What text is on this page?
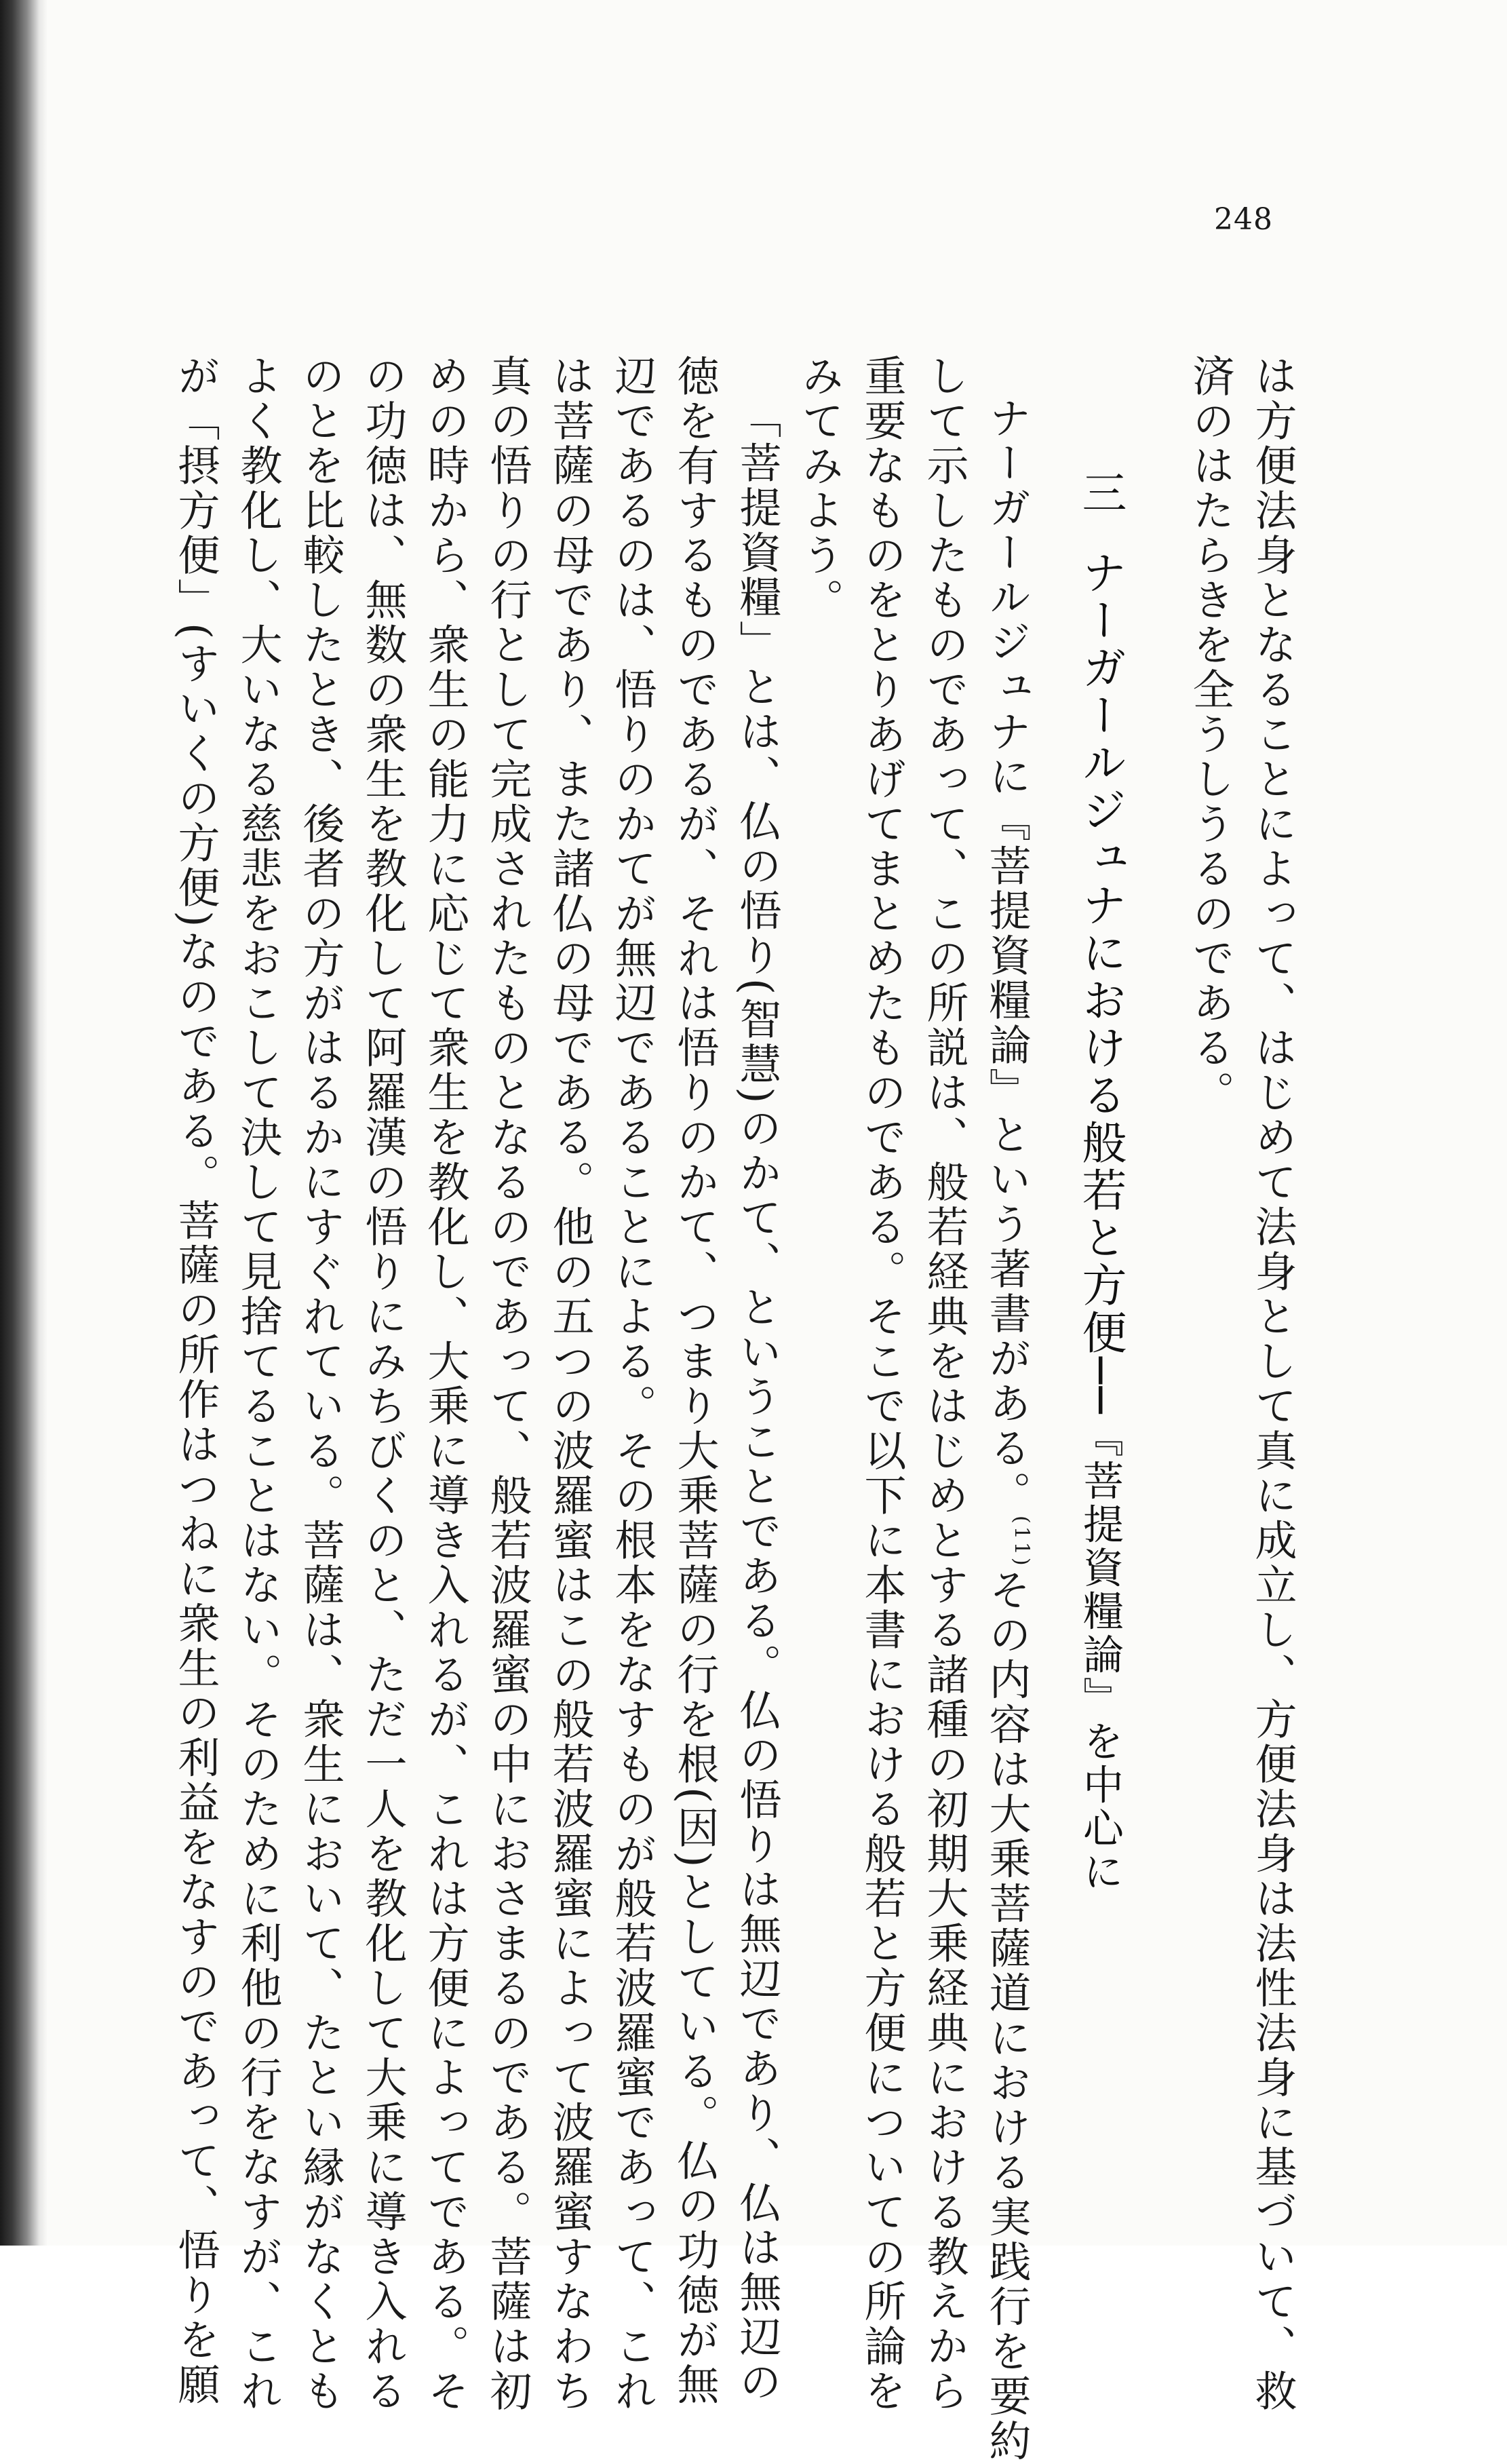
248
は方便法身となることによって、はじめて法身として真に成立し、方便法身は法性法身に基づいて、救
済のはたらきを全うしうるのである。
三ナーガールジュナにおける般若と方便──『菩提資糧論』を中心に
ナーガールジュナに『菩提資糧論』という著書がある。$^{(11)}$その内容は大乗菩薩道における実践行を要約
して示したものであって、この所説は、般若経典をはじめとする諸種の初期大乗経典における教えから
重要なものをとりあげてまとめたものである。そこで以下に本書における般若と方便についての所論を
みてみよう。
「菩提資糧」とは、仏の悟り(智慧)のかて、ということである。仏の悟りは無辺であり、仏は無辺の
徳を有するものであるが、それは悟りのかて、つまり大乗菩薩の行を根(因)としている。仏の功徳が無
辺であるのは、悟りのかてが無辺であることによる。その根本をなすものが般若波羅蜜であって、これ
は菩薩の母であり、また諸仏の母である。他の五つの波羅蜜はこの般若波羅蜜によって波羅蜜すなわち
真の悟りの行として完成されたものとなるのであって、般若波羅蜜の中におさまるのである。菩薩は初
めの時から、衆生の能力に応じて衆生を教化し、大乗に導き入れるが、これは方便によってである。そ
の功徳は、無数の衆生を教化して阿羅漢の悟りにみちびくのと、ただ一人を教化して大乗に導き入れる
のとを比較したとき、後者の方がはるかにすぐれている。菩薩は、衆生において、たとい縁がなくとも
よく教化し、大いなる慈悲をおこして決して見捨てることはない。そのために利他の行をなすが、これ
が「摂方便」(すいくの方便)なのである。菩薩の所作はつねに衆生の利益をなすのであって、悟りを願
